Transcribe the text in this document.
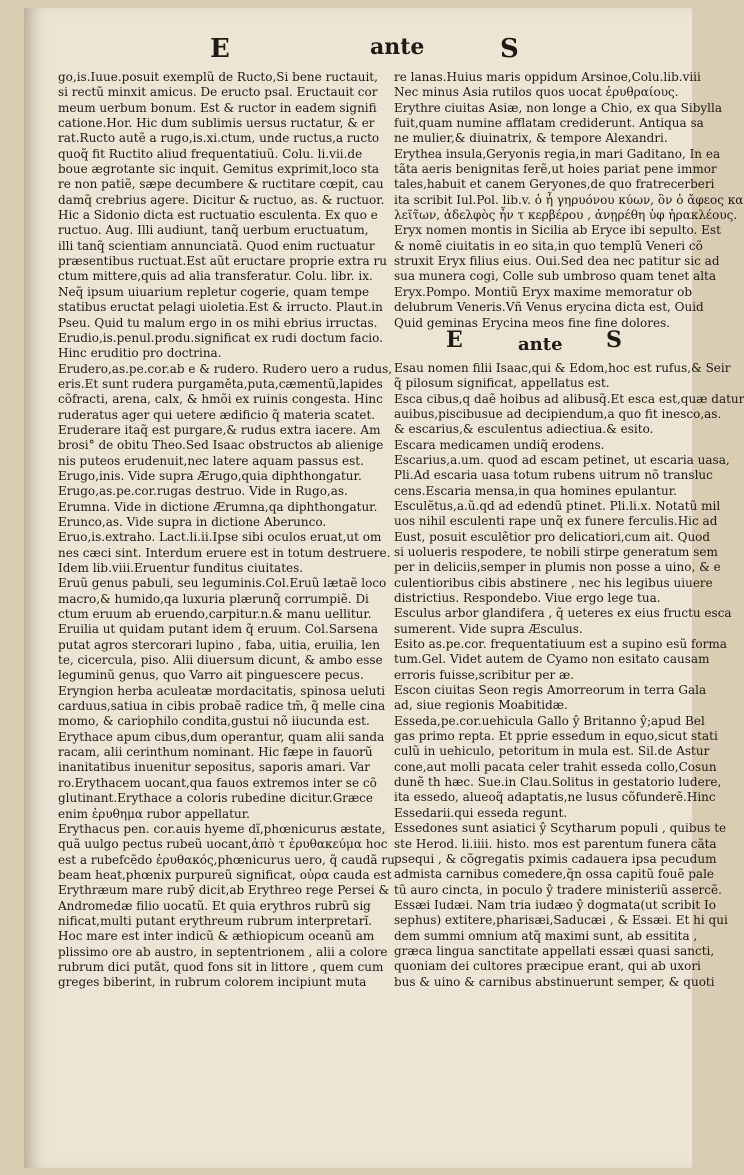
E	ante	S
go,is.Iuue.posuit exemplũ de Ructo,Si bene ructauit,
si rectũ minxit amicus. De eructo psal. Eructauit cor
meum uerbum bonum. Est & ructor in eadem signifi
catione.Hor. Hic dum sublimis uersus ructatur, & er
rat.Ructo autẽ a rugo,is.xi.ctum, unde ructus,a ructo
quoq̃ fit Ructito aliud frequentatiuũ. Colu. li.vii.de
boue ægrotante sic inquit. Gemitus exprimit,loco sta
re non patiẽ, sæpe decumbere & ructitare cœpit, cau
damq̃ crebrius agere. Dicitur & ructuo, as. & ructuor.
Hic a Sidonio dicta est ructuatio esculenta. Ex quo e
ructuo. Aug. Illi audiunt, tanq̃ uerbum eructuatum,
illi tanq̃ scientiam annunciatã. Quod enim ructuatur
præsentibus ructuat.Est aũt eructare proprie extra ru
ctum mittere,quis ad alia transferatur. Colu. libr. ix.
Neq̃ ipsum uiuarium repletur cogerie, quam tempe
statibus eructat pelagi uioletia.Est & irructo. Plaut.in
Pseu. Quid tu malum ergo in os mihi ebrius irructas.
Erudio,is.penul.produ.significat ex rudi doctum facio.
Hinc eruditio pro doctrina.
Erudero,as.pe.cor.ab e & rudero. Rudero uero a rudus,
eris.Et sunt rudera purgaměta,puta,cæmentũ,lapides
cõfracti, arena, calx, & hmõi ex ruinis congesta. Hinc
ruderatus ager qui uetere ædificio q̃ materia scatet.
Eruderare itaq̃ est purgare,& rudus extra iacere. Am
brosi° de obitu Theo.Sed Isaac obstructos ab alienige
nis puteos erudenuit,nec latere aquam passus est.
Erugo,inis. Vide supra Ærugo,quia diphthongatur.
Erugo,as.pe.cor.rugas destruo. Vide in Rugo,as.
Erumna. Vide in dictione Ærumna,qa diphthongatur.
Erunco,as. Vide supra in dictione Aberunco.
Eruo,is.extraho. Lact.li.ii.Ipse sibi oculos eruat,ut om
nes cæci sint. Interdum eruere est in totum destruere.
Idem lib.viii.Eruentur funditus ciuitates.
Eruũ genus pabuli, seu leguminis.Col.Eruũ lætaẽ loco
macro,& humido,qa luxuria plærunq̃ corrumpiẽ. Di
ctum eruum ab eruendo,carpitur.n.& manu uellitur.
Eruilia ut quidam putant idem q̃ eruum. Col.Sarsena
putat agros stercorari lupino , faba, uitia, eruilia, len
te, cicercula, piso. Alii diuersum dicunt, & ambo esse
leguminũ genus, quo Varro ait pinguescere pecus.
Eryngion herba aculeatæ mordacitatis, spinosa ueluti
carduus,satiua in cibis probaẽ radice tm̃, q̃ melle cina
momo, & cariophilo condita,gustui nõ iiucunda est.
Erythace apum cibus,dum operantur, quam alii sanda
racam, alii cerinthum nominant. Hic fæpe in fauorũ
inanitatibus inuenitur sepositus, saporis amari. Var
ro.Erythacem uocant,qua fauos extremos inter se cõ
glutinant.Erythace a coloris rubedine dicitur.Græce
enim ἐρυθημα rubor appellatur.
Erythacus pen. cor.auis hyeme dĩ,phœnicurus æstate,
quã uulgo pectus rubeũ uocant,ἀπὸ τ ἐρυθακεύμα hoc
est a rubefcẽdo ἐρυθακός,phœnicurus uero, q̃ caudã ru
beam heat,phœnix purpureũ significat, οὐρα cauda est
Erythræum mare ruby̆ dicit,ab Erythreo rege Persei &
Andromedæ filio uocatũ. Et quia erythros rubrũ sig
nificat,multi putant erythreum rubrum interpretarĩ.
Hoc mare est inter indicũ & æthiopicum oceanũ am
plissimo ore ab austro, in septentrionem , alii a colore
rubrum dici putãt, quod fons sit in littore , quem cum
greges biberint, in rubrum colorem incipiunt muta
re lanas.Huius maris oppidum Arsinoe,Colu.lib.viii
Nec minus Asia rutilos quos uocat ἐρυθραίους.
Erythre ciuitas Asiæ, non longe a Chio, ex qua Sibylla
fuit,quam numine afflatam crediderunt. Antiqua sa
ne mulier,& diuinatrix, & tempore Alexandri.
Erythea insula,Geryonis regia,in mari Gaditano, In ea
tãta aeris benignitas ferẽ,ut hoies pariat pene immor
tales,habuit et canem Geryones,de quo fratrecerberi
ita scribit Iul.Pol. lib.v. ὁ ἦ γηρυόνου κύων, ὃν ὁ ἄφεος κα
λεῖτ̃ων, ἀδελφὸς ἦν τ κερβέρου , ἀνῃρέθη ὑφ ἡρακλέους.
Eryx nomen montis in Sicilia ab Eryce ibi sepulto. Est
& nomẽ ciuitatis in eo sita,in quo templũ Veneri cõ
struxit Eryx filius eius. Oui.Sed dea nec patitur sic ad
sua munera cogi, Colle sub umbroso quam tenet alta
Eryx.Pompo. Montiũ Eryx maxime memoratur ob
delubrum Veneris.Vñ Venus erycina dicta est, Ouid
Quid geminas Erycina meos fine fine dolores.
E	ante S
Esau nomen filii Isaac,qui & Edom,hoc est rufus,& Seir
q̃ pilosum significat, appellatus est.
Esca cibus,q daẽ hoibus ad alibusq̃.Et esca est,quæ datur
auibus,piscibusue ad decipiendum,a quo fit inesco,as.
& escarius,& esculentus adiectiua.& esito.
Escara medicamen undiq̃ erodens.
Escarius,a.um. quod ad escam petinet, ut escaria uasa,
Pli.Ad escaria uasa totum rubens uitrum nõ transluc
cens.Escaria mensa,in qua homines epulantur.
Esculẽtus,a.ũ.qd ad edendũ ptinet. Pli.li.x. Notatũ mil
uos nihil esculenti rape unq̃ ex funere ferculis.Hic ad
Eust, posuit esculẽtior pro delicatiori,cum ait. Quod
si uolueris respodere, te nobili stirpe generatum sem
per in deliciis,semper in plumis non posse a uino, & e
culentioribus cibis abstinere , nec his legibus uiuere
districtius. Respondebo. Viue ergo lege tua.
Esculus arbor glandifera , q̃ ueteres ex eius fructu esca
sumerent. Vide supra Æsculus.
Esito as.pe.cor. frequentatiuum est a supino esũ forma
tum.Gel. Videt autem de Cyamo non esitato causam
erroris fuisse,scribitur per æ.
Escon ciuitas Seon regis Amorreorum in terra Gala
ad, siue regionis Moabitidæ.
Esseda,pe.cor.uehicula Gallo ŷ Britanno ŷ;apud Bel
gas primo repta. Et pprie essedum in equo,sicut stati
culũ in uehiculo, petoritum in mula est. Sil.de Astur
cone,aut molli pacata celer trahit esseda collo,Cosun
dunẽ th hæc. Sue.in Clau.Solitus in gestatorio ludere,
ita essedo, alueoq̃ adaptatis,ne lusus cõfunderẽ.Hinc
Essedarii.qui esseda regunt.
Essedones sunt asiatici ŷ Scytharum populi , quibus te
ste Herod. li.iiii. histo. mos est parentum funera cãta
psequi , & cõgregatis pximis cadauera ipsa pecudum
admista carnibus comedere,q̃n ossa capitũ fouẽ pale
tũ auro cincta, in poculo ŷ tradere ministeriũ assercẽ.
Essæi Iudæi. Nam tria iudæo ŷ dogmata(ut scribit Io
sephus) extitere,pharisæi,Saducæi , & Essæi. Et hi qui
dem summi omnium atq̃ maximi sunt, ab essitita ,
græca lingua sanctitate appellati essæi quasi sancti,
quoniam dei cultores præcipue erant, qui ab uxori
bus & uino & carnibus abstinuerunt semper, & quoti
